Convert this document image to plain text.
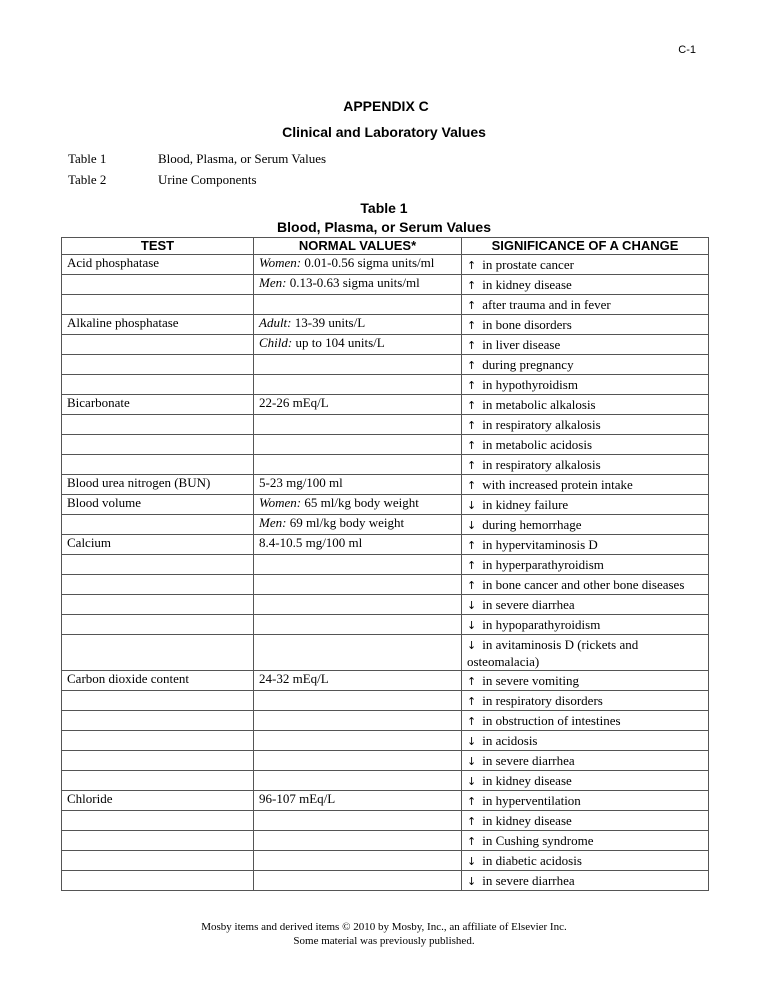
C-1
APPENDIX C
Clinical and Laboratory Values
Table 1	Blood, Plasma, or Serum Values
Table 2	Urine Components
Table 1
Blood, Plasma, or Serum Values
TEST	NORMAL VALUES*	SIGNIFICANCE OF A CHANGE
Acid phosphatase	Women: 0.01-0.56 sigma units/ml	↑ in prostate cancer
	Men: 0.13-0.63 sigma units/ml	↑ in kidney disease
		↑ after trauma and in fever
Alkaline phosphatase	Adult: 13-39 units/L	↑ in bone disorders
	Child: up to 104 units/L	↑ in liver disease
		↑ during pregnancy
		↑ in hypothyroidism
Bicarbonate	22-26 mEq/L	↑ in metabolic alkalosis
		↑ in respiratory alkalosis
		↑ in metabolic acidosis
		↑ in respiratory alkalosis
Blood urea nitrogen (BUN)	5-23 mg/100 ml	↑ with increased protein intake
Blood volume	Women: 65 ml/kg body weight	↓ in kidney failure
	Men: 69 ml/kg body weight	↓ during hemorrhage
Calcium	8.4-10.5 mg/100 ml	↑ in hypervitaminosis D
		↑ in hyperparathyroidism
		↑ in bone cancer and other bone diseases
		↓ in severe diarrhea
		↓ in hypoparathyroidism
		↓ in avitaminosis D (rickets and osteomalacia)
Carbon dioxide content	24-32 mEq/L	↑ in severe vomiting
		↑ in respiratory disorders
		↑ in obstruction of intestines
		↓ in acidosis
		↓ in severe diarrhea
		↓ in kidney disease
Chloride	96-107 mEq/L	↑ in hyperventilation
		↑ in kidney disease
		↑ in Cushing syndrome
		↓ in diabetic acidosis
		↓ in severe diarrhea
Mosby items and derived items © 2010 by Mosby, Inc., an affiliate of Elsevier Inc.
Some material was previously published.
